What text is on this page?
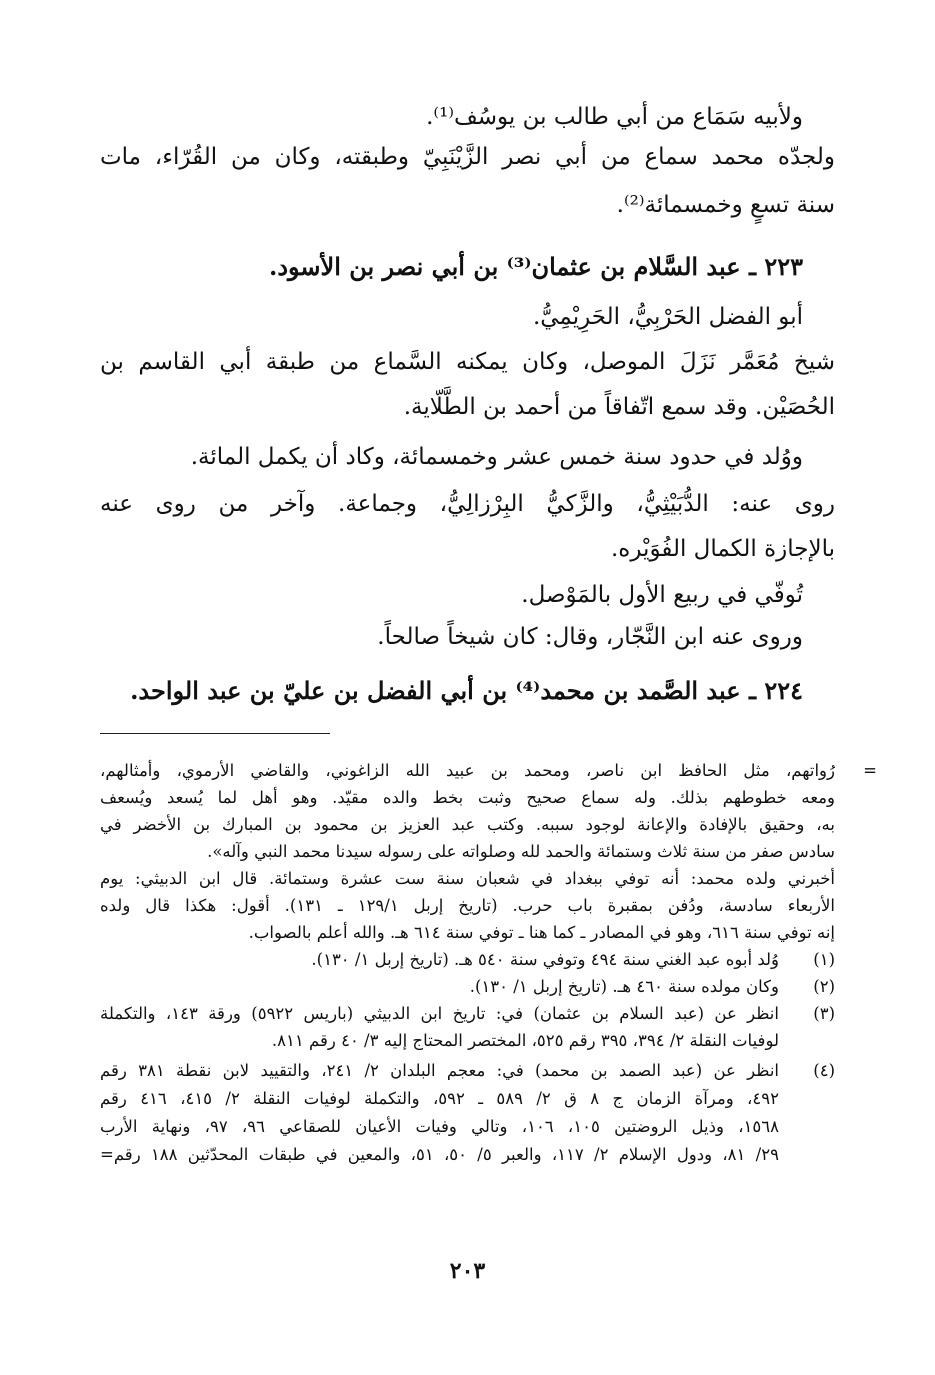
ولأبيه سَمَاع من أبي طالب بن يوسُف⁽¹⁾.
ولجدّه محمد سماع من أبي نصر الزَّيْنَبِيّ وطبقته، وكان من القُرّاء، مات
سنة تسعٍ وخمسمائة⁽²⁾.
٢٢٣ ـ عبد السَّلام بن عثمان⁽³⁾ بن أبي نصر بن الأسود.
أبو الفضل الحَرْبِيُّ، الحَرِيْمِيُّ.
شيخ مُعَمَّر نَزَلَ الموصل، وكان يمكنه السَّماع من طبقة أبي القاسم بن
الحُصَيْن. وقد سمع اتّفاقاً من أحمد بن الطَّلّاية.
ووُلد في حدود سنة خمس عشر وخمسمائة، وكاد أن يكمل المائة.
روى عنه: الدُّبَيْثِيُّ، والزَّكيُّ البِرْزالِيُّ، وجماعة. وآخر من روى عنه
بالإجازة الكمال الفُوَيْره.
تُوفّي في ربيع الأول بالمَوْصل.
وروى عنه ابن النَّجّار، وقال: كان شيخاً صالحاً.
٢٢٤ ـ عبد الصَّمد بن محمد⁽⁴⁾ بن أبي الفضل بن عليّ بن عبد الواحد.
=
رُواتهم، مثل الحافظ ابن ناصر، ومحمد بن عبيد الله الزاغوني، والقاضي الأرموي، وأمثالهم،
ومعه خطوطهم بذلك. وله سماع صحيح وثبت بخط والده مقيّد. وهو أهل لما يُسعد ويُسعف
به، وحقيق بالإفادة والإعانة لوجود سببه. وكتب عبد العزيز بن محمود بن المبارك بن الأخضر في
سادس صفر من سنة ثلاث وستمائة والحمد لله وصلواته على رسوله سيدنا محمد النبي وآله».
أخبرني ولده محمد: أنه توفي ببغداد في شعبان سنة ست عشرة وستمائة. قال ابن الدبيثي: يوم
الأربعاء سادسة، ودُفن بمقبرة باب حرب. (تاريخ إربل ١٢٩/١ ـ ١٣١). أقول: هكذا قال ولده
إنه توفي سنة ٦١٦، وهو في المصادر ـ كما هنا ـ توفي سنة ٦١٤ هـ. والله أعلم بالصواب.
(١)
وُلد أبوه عبد الغني سنة ٤٩٤ وتوفي سنة ٥٤٠ هـ. (تاريخ إربل ١/ ١٣٠).
(٢)
وكان مولده سنة ٤٦٠ هـ. (تاريخ إربل ١/ ١٣٠).
(٣)
انظر عن (عبد السلام بن عثمان) في: تاريخ ابن الدبيثي (باريس ٥٩٢٢) ورقة ١٤٣، والتكملة
لوفيات النقلة ٢/ ٣٩٤، ٣٩٥ رقم ٥٢٥، المختصر المحتاج إليه ٣/ ٤٠ رقم ٨١١.
(٤)
انظر عن (عبد الصمد بن محمد) في: معجم البلدان ٢/ ٢٤١، والتقييد لابن نقطة ٣٨١ رقم
٤٩٢، ومرآة الزمان ج ٨ ق ٢/ ٥٨٩ ـ ٥٩٢، والتكملة لوفيات النقلة ٢/ ٤١٥، ٤١٦ رقم
١٥٦٨، وذيل الروضتين ١٠٥، ١٠٦، وتالي وفيات الأعيان للصقاعي ٩٦، ٩٧، ونهاية الأرب
٢٩/ ٨١، ودول الإسلام ٢/ ١١٧، والعبر ٥/ ٥٠، ٥١، والمعين في طبقات المحدّثين ١٨٨ رقم=
٢٠٣
